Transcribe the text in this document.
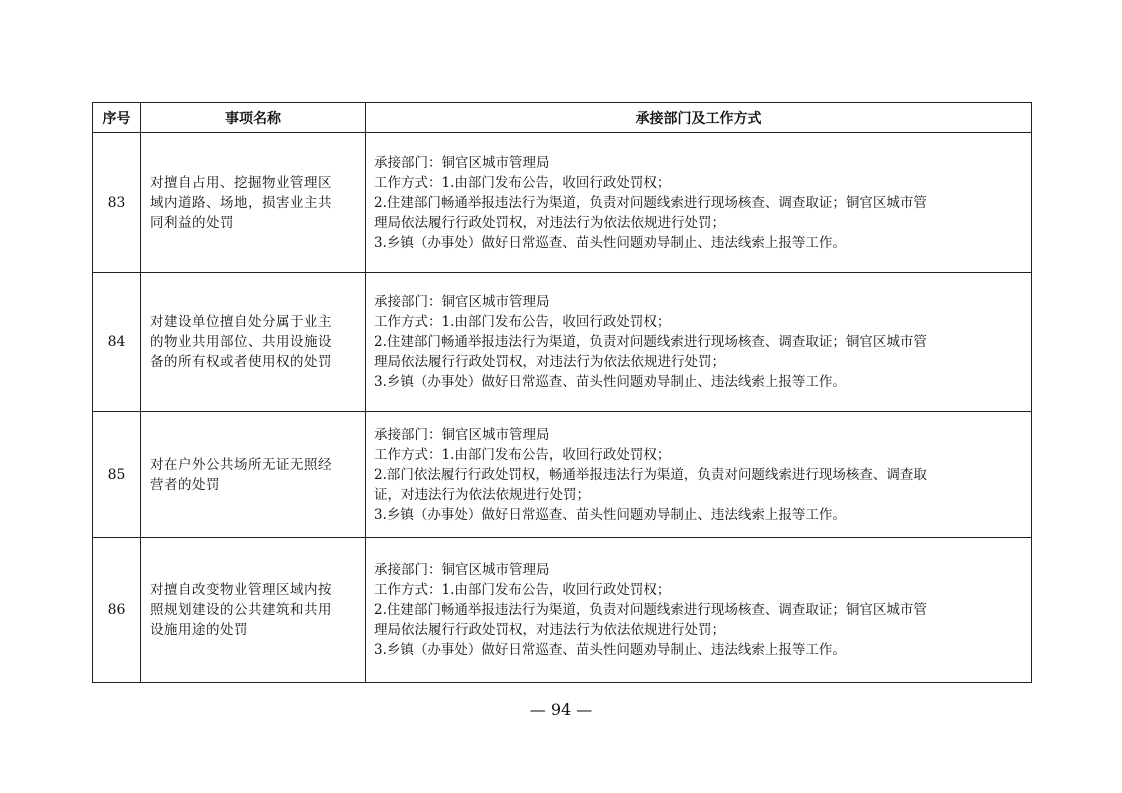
序号	事项名称	承接部门及工作方式
83	对擅自占用、挖掘物业管理区
域内道路、场地，损害业主共
同利益的处罚	承接部门：铜官区城市管理局
工作方式：1.由部门发布公告，收回行政处罚权；
2.住建部门畅通举报违法行为渠道，负责对问题线索进行现场核查、调查取证；铜官区城市管
理局依法履行行政处罚权，对违法行为依法依规进行处罚；
3.乡镇（办事处）做好日常巡查、苗头性问题劝导制止、违法线索上报等工作。

84	对建设单位擅自处分属于业主
的物业共用部位、共用设施设
备的所有权或者使用权的处罚	承接部门：铜官区城市管理局
工作方式：1.由部门发布公告，收回行政处罚权；
2.住建部门畅通举报违法行为渠道，负责对问题线索进行现场核查、调查取证；铜官区城市管
理局依法履行行政处罚权，对违法行为依法依规进行处罚；
3.乡镇（办事处）做好日常巡查、苗头性问题劝导制止、违法线索上报等工作。

85	对在户外公共场所无证无照经
营者的处罚	承接部门：铜官区城市管理局
工作方式：1.由部门发布公告，收回行政处罚权；
2.部门依法履行行政处罚权，畅通举报违法行为渠道，负责对问题线索进行现场核查、调查取
证，对违法行为依法依规进行处罚；
3.乡镇（办事处）做好日常巡查、苗头性问题劝导制止、违法线索上报等工作。

86	对擅自改变物业管理区域内按
照规划建设的公共建筑和共用
设施用途的处罚	承接部门：铜官区城市管理局
工作方式：1.由部门发布公告，收回行政处罚权；
2.住建部门畅通举报违法行为渠道，负责对问题线索进行现场核查、调查取证；铜官区城市管
理局依法履行行政处罚权，对违法行为依法依规进行处罚；
3.乡镇（办事处）做好日常巡查、苗头性问题劝导制止、违法线索上报等工作。
— 94 —
